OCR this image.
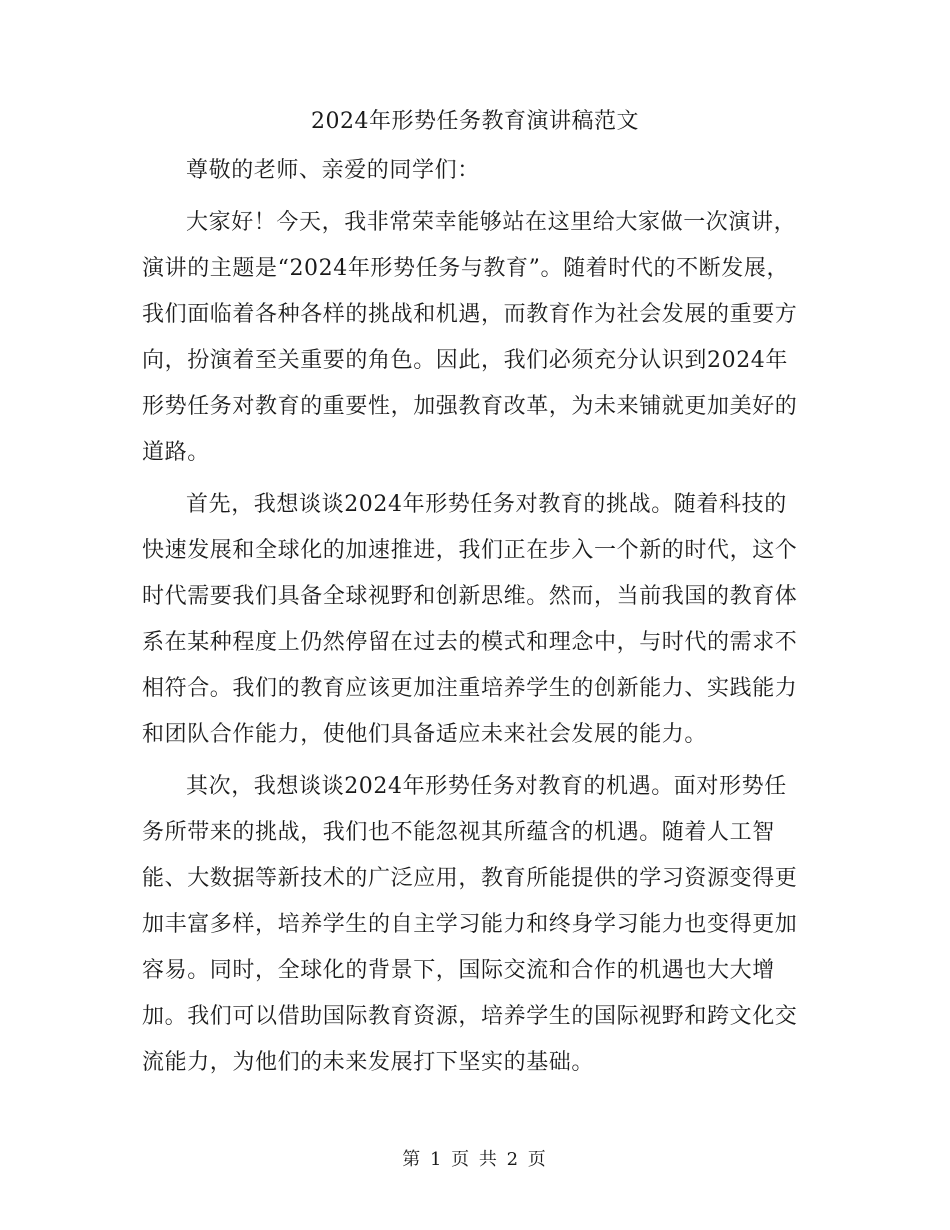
2024年形势任务教育演讲稿范文

尊敬的老师、亲爱的同学们：

大家好！今天，我非常荣幸能够站在这里给大家做一次演讲，演讲的主题是“2024年形势任务与教育”。随着时代的不断发展，我们面临着各种各样的挑战和机遇，而教育作为社会发展的重要方向，扮演着至关重要的角色。因此，我们必须充分认识到2024年形势任务对教育的重要性，加强教育改革，为未来铺就更加美好的道路。

首先，我想谈谈2024年形势任务对教育的挑战。随着科技的快速发展和全球化的加速推进，我们正在步入一个新的时代，这个时代需要我们具备全球视野和创新思维。然而，当前我国的教育体系在某种程度上仍然停留在过去的模式和理念中，与时代的需求不相符合。我们的教育应该更加注重培养学生的创新能力、实践能力和团队合作能力，使他们具备适应未来社会发展的能力。

其次，我想谈谈2024年形势任务对教育的机遇。面对形势任务所带来的挑战，我们也不能忽视其所蕴含的机遇。随着人工智能、大数据等新技术的广泛应用，教育所能提供的学习资源变得更加丰富多样，培养学生的自主学习能力和终身学习能力也变得更加容易。同时，全球化的背景下，国际交流和合作的机遇也大大增加。我们可以借助国际教育资源，培养学生的国际视野和跨文化交流能力，为他们的未来发展打下坚实的基础。

第 1 页 共 2 页
